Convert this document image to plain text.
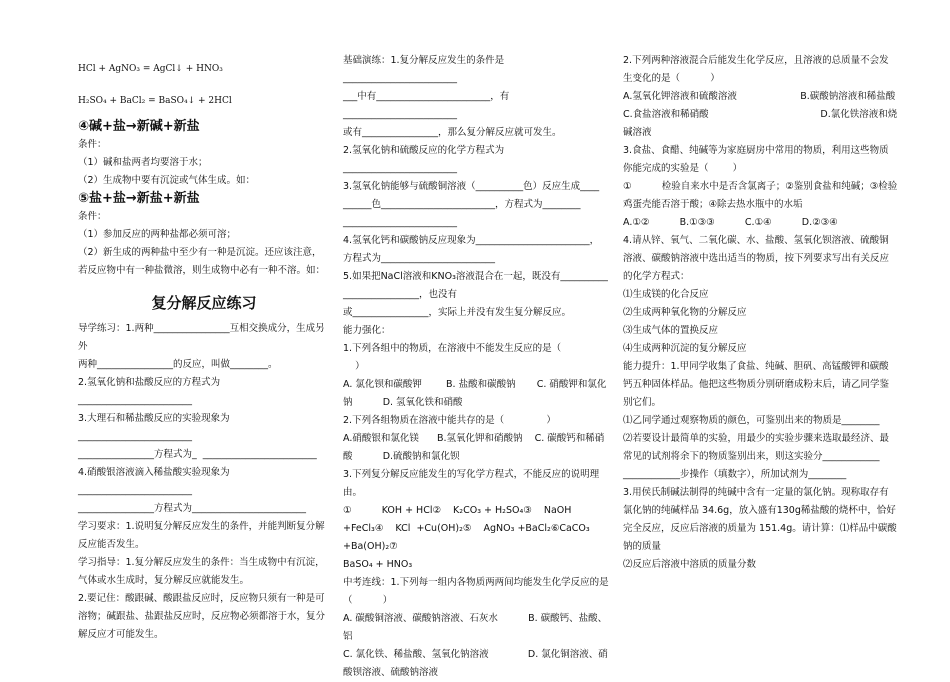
HCl + AgNO₃ = AgCl↓ + HNO₃

H₂SO₄ + BaCl₂ = BaSO₄↓ + 2HCl

④碱+盐→新碱+新盐

条件：

（1）碱和盐两者均要溶于水；

（2）生成物中要有沉淀或气体生成。如：

⑤盐+盐→新盐+新盐

条件：

（1）参加反应的两种盐都必须可溶；

（2）新生成的两种盐中至少有一种是沉淀。还应该注意，若反应物中有一种盐微溶，则生成物中必有一种不溶。如：

复分解反应练习

导学练习：1.两种________________互相交换成分，生成另外

两种________________的反应，叫做________。

2.氢氧化钠和盐酸反应的方程式为________________________

3.大理石和稀盐酸反应的实验现象为________________________

________________方程式为_  ________________________

4.硝酸银溶液滴入稀盐酸实验现象为________________________

________________方程式为________________________

学习要求：1.说明复分解反应发生的条件，并能判断复分解反应能否发生。

学习指导：1.复分解反应发生的条件：当生成物中有沉淀，气体或水生成时，复分解反应就能发生。

2.要记住：酸跟碱、酸跟盐反应时，反应物只须有一种是可溶物；碱跟盐、盐跟盐反应时，反应物必须都溶于水，复分解反应才可能发生。

基础演练：1.复分解反应发生的条件是________________________

___中有________________________，有________________________

或有________________，那么复分解反应就可发生。

2.氢氧化钠和硫酸反应的化学方程式为________________________

3.氢氧化钠能够与硫酸铜溶液（__________色）反应生成____

______色________________________，方程式为________

________________________

4.氢氧化钙和碳酸钠反应现象为________________________，

方程式为________________________

5.如果把NaCl溶液和KNO₃溶液混合在一起，既没有__________

________________，也没有

或________________，实际上并没有发生复分解反应。

能力强化：

1.下列各组中的物质，在溶液中不能发生反应的是（

）

A. 氯化钡和碳酸钾        B. 盐酸和碳酸钠       C. 硝酸钾和氯化钠          D. 氢氧化铁和硝酸

2.下列各组物质在溶液中能共存的是（              ）

A.硝酸银和氯化镁      B.氢氧化钾和硝酸钠    C. 碳酸钙和稀硝酸          D.硫酸钠和氯化钡

3.下列复分解反应能发生的写化学方程式，不能反应的说明理由。

①          KOH + HCl②    K₂CO₃ + H₂SO₄③    NaOH

+FeCl₃④    KCl  +Cu(OH)₂⑤    AgNO₃ +BaCl₂⑥CaCO₃ +Ba(OH)₂⑦

BaSO₄ + HNO₃

中考连线：1.下列每一组内各物质两两间均能发生化学反应的是（          ）

A. 碳酸铜溶液、碳酸钠溶液、石灰水          B. 碳酸钙、盐酸、铝

C. 氯化铁、稀盐酸、氢氧化钠溶液             D. 氯化铜溶液、硝酸钡溶液、硫酸钠溶液

2.下列两种溶液混合后能发生化学反应，且溶液的总质量不会发生变化的是（          ）

A.氢氧化钾溶液和硫酸溶液                     B.碳酸钠溶液和稀盐酸

C.食盐溶液和稀硝酸                                     D.氯化铁溶液和烧碱溶液

3.食盐、食醋、纯碱等为家庭厨房中常用的物质，利用这些物质你能完成的实验是（        ）

①          检验自来水中是否含氯离子；②鉴别食盐和纯碱；③检验鸡蛋壳能否溶于酸；④除去热水瓶中的水垢

A.①②          B.①③③          C.①④          D.②③④

4.请从锌、氧气、二氧化碳、水、盐酸、氢氧化钡溶液、硫酸铜溶液、碳酸钠溶液中选出适当的物质，按下列要求写出有关反应的化学方程式：

⑴生成镁的化合反应

⑵生成两种氧化物的分解反应

⑶生成气体的置换反应

⑷生成两种沉淀的复分解反应

能力提升：1.甲同学收集了食盐、纯碱、胆矾、高锰酸钾和碳酸钙五种固体样品。他把这些物质分别研磨成粉末后，请乙同学鉴别它们。

⑴乙同学通过观察物质的颜色，可鉴别出来的物质是________

⑵若要设计最简单的实验，用最少的实验步骤来选取最经济、最常见的试剂将余下的物质鉴别出来，则这实验分____________

____________步操作（填数字），所加试剂为________

3.用侯氏制碱法制得的纯碱中含有一定量的氯化钠。现称取存有氯化钠的纯碱样品 34.6g，放入盛有130g稀盐酸的烧杯中，恰好完全反应，反应后溶液的质量为 151.4g。请计算：⑴样品中碳酸钠的质量

⑵反应后溶液中溶质的质量分数
